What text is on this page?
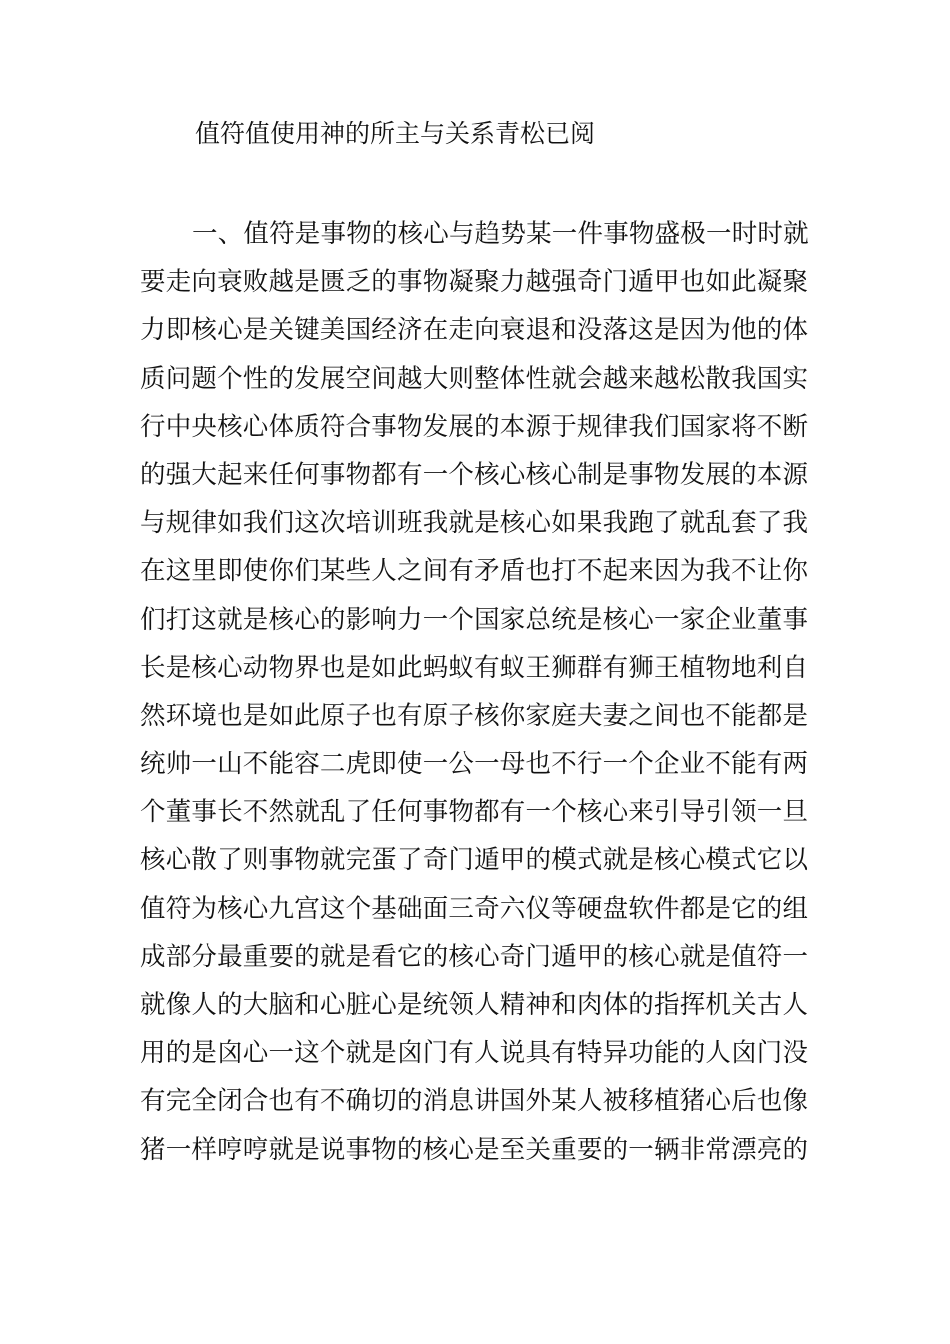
值符值使用神的所主与关系青松已阅
一、值符是事物的核心与趋势某一件事物盛极一时时就
要走向衰败越是匮乏的事物凝聚力越强奇门遁甲也如此凝聚
力即核心是关键美国经济在走向衰退和没落这是因为他的体
质问题个性的发展空间越大则整体性就会越来越松散我国实
行中央核心体质符合事物发展的本源于规律我们国家将不断
的强大起来任何事物都有一个核心核心制是事物发展的本源
与规律如我们这次培训班我就是核心如果我跑了就乱套了我
在这里即使你们某些人之间有矛盾也打不起来因为我不让你
们打这就是核心的影响力一个国家总统是核心一家企业董事
长是核心动物界也是如此蚂蚁有蚁王狮群有狮王植物地利自
然环境也是如此原子也有原子核你家庭夫妻之间也不能都是
统帅一山不能容二虎即使一公一母也不行一个企业不能有两
个董事长不然就乱了任何事物都有一个核心来引导引领一旦
核心散了则事物就完蛋了奇门遁甲的模式就是核心模式它以
值符为核心九宫这个基础面三奇六仪等硬盘软件都是它的组
成部分最重要的就是看它的核心奇门遁甲的核心就是值符一
就像人的大脑和心脏心是统领人精神和肉体的指挥机关古人
用的是囟心一这个就是囟门有人说具有特异功能的人囟门没
有完全闭合也有不确切的消息讲国外某人被移植猪心后也像
猪一样哼哼就是说事物的核心是至关重要的一辆非常漂亮的
